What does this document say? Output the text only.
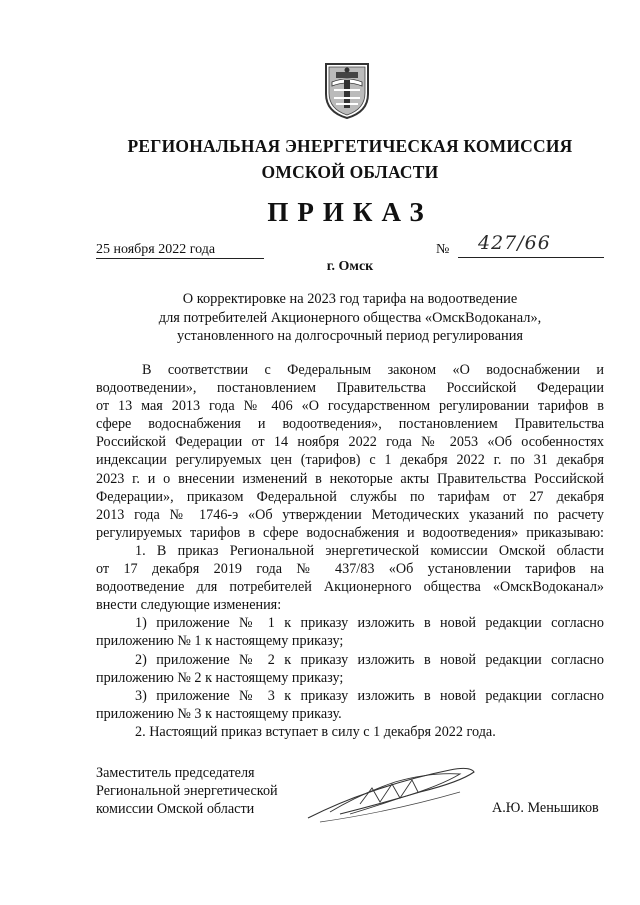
РЕГИОНАЛЬНАЯ ЭНЕРГЕТИЧЕСКАЯ КОМИССИЯ
ОМСКОЙ ОБЛАСТИ
ПРИКАЗ
25 ноября 2022 года	№ 427/66
г. Омск
О корректировке на 2023 год тарифа на водоотведение
для потребителей Акционерного общества «ОмскВодоканал»,
установленного на долгосрочный период регулирования
В соответствии с Федеральным законом «О водоснабжении и
водоотведении», постановлением Правительства Российской Федерации
от 13 мая 2013 года № 406 «О государственном регулировании тарифов в
сфере водоснабжения и водоотведения», постановлением Правительства
Российской Федерации от 14 ноября 2022 года № 2053 «Об особенностях
индексации регулируемых цен (тарифов) с 1 декабря 2022 г. по 31 декабря
2023 г. и о внесении изменений в некоторые акты Правительства Российской
Федерации», приказом Федеральной службы по тарифам от 27 декабря
2013 года № 1746-э «Об утверждении Методических указаний по расчету
регулируемых тарифов в сфере водоснабжения и водоотведения» приказываю:
1. В приказ Региональной энергетической комиссии Омской области
от 17 декабря 2019 года № 437/83 «Об установлении тарифов на
водоотведение для потребителей Акционерного общества «ОмскВодоканал»
внести следующие изменения:
1) приложение № 1 к приказу изложить в новой редакции согласно
приложению № 1 к настоящему приказу;
2) приложение № 2 к приказу изложить в новой редакции согласно
приложению № 2 к настоящему приказу;
3) приложение № 3 к приказу изложить в новой редакции согласно
приложению № 3 к настоящему приказу.
2. Настоящий приказ вступает в силу с 1 декабря 2022 года.
Заместитель председателя
Региональной энергетической
комиссии Омской области	А.Ю. Меньшиков
